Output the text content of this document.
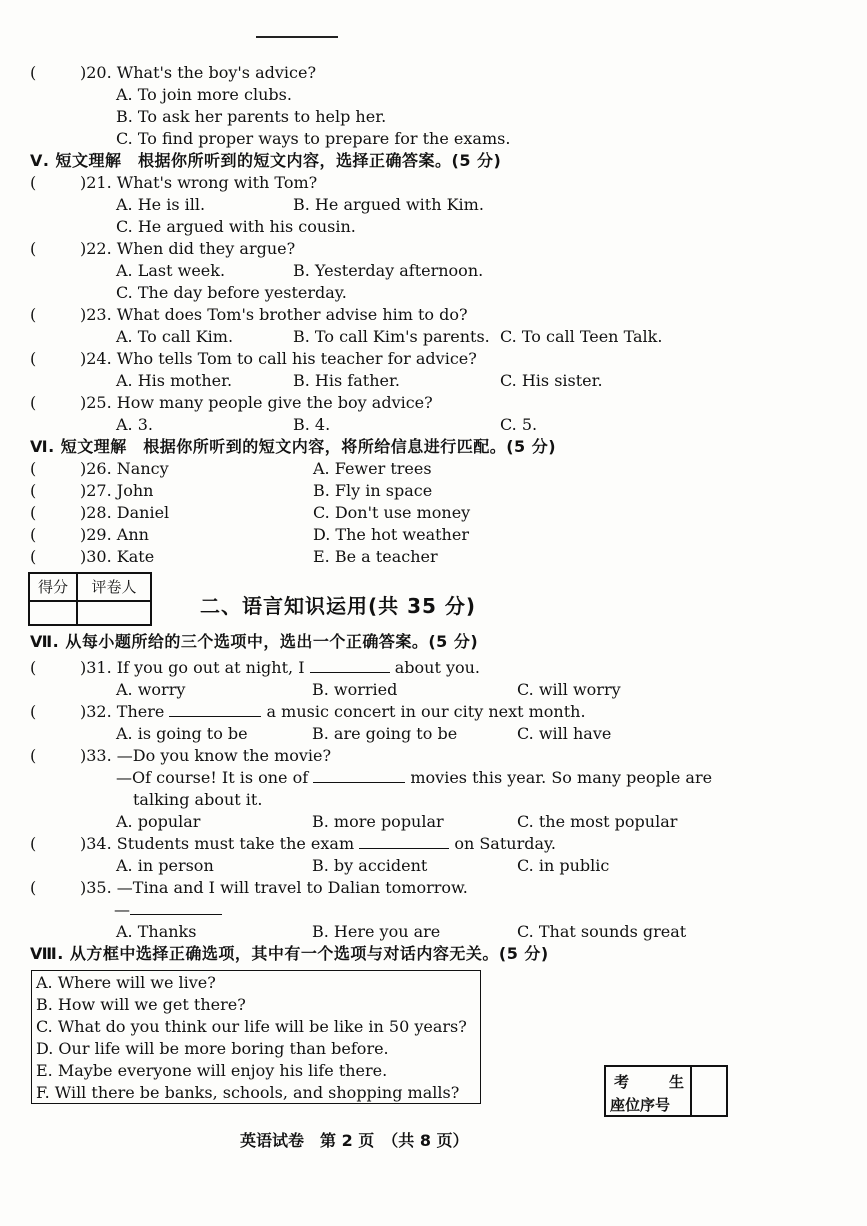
(	)20. What's the boy's advice?
A. To join more clubs.
B. To ask her parents to help her.
C. To find proper ways to prepare for the exams.
Ⅴ. 短文理解　根据你所听到的短文内容，选择正确答案。(5 分)
(	)21. What's wrong with Tom?
A. He is ill.	B. He argued with Kim.
C. He argued with his cousin.
(	)22. When did they argue?
A. Last week.	B. Yesterday afternoon.
C. The day before yesterday.
(	)23. What does Tom's brother advise him to do?
A. To call Kim.	B. To call Kim's parents. C. To call Teen Talk.
(	)24. Who tells Tom to call his teacher for advice?
A. His mother.	B. His father.	C. His sister.
(	)25. How many people give the boy advice?
A. 3.	B. 4.	C. 5.
Ⅵ. 短文理解　根据你所听到的短文内容，将所给信息进行匹配。(5 分)
(	)26. Nancy	A. Fewer trees
(	)27. John	B. Fly in space
(	)28. Daniel	C. Don't use money
(	)29. Ann	D. The hot weather
(	)30. Kate	E. Be a teacher
得分	评卷人
二、语言知识运用(共 35 分)
Ⅶ. 从每小题所给的三个选项中，选出一个正确答案。(5 分)
(	)31. If you go out at night, I	about you.
A. worry	B. worried	C. will worry
(	)32. There	a music concert in our city next month.
A. is going to be	B. are going to be	C. will have
(	)33. —Do you know the movie?
—Of course! It is one of	movies this year. So many people are
talking about it.
A. popular	B. more popular	C. the most popular
(	)34. Students must take the exam	on Saturday.
A. in person	B. by accident	C. in public
(	)35. —Tina and I will travel to Dalian tomorrow.
—
A. Thanks	B. Here you are	C. That sounds great
Ⅷ. 从方框中选择正确选项，其中有一个选项与对话内容无关。(5 分)
A. Where will we live?
B. How will we get there?
C. What do you think our life will be like in 50 years?
D. Our life will be more boring than before.
E. Maybe everyone will enjoy his life there.
F. Will there be banks, schools, and shopping malls?
考	生
座位序号
英语试卷　第 2 页　（共 8 页）
